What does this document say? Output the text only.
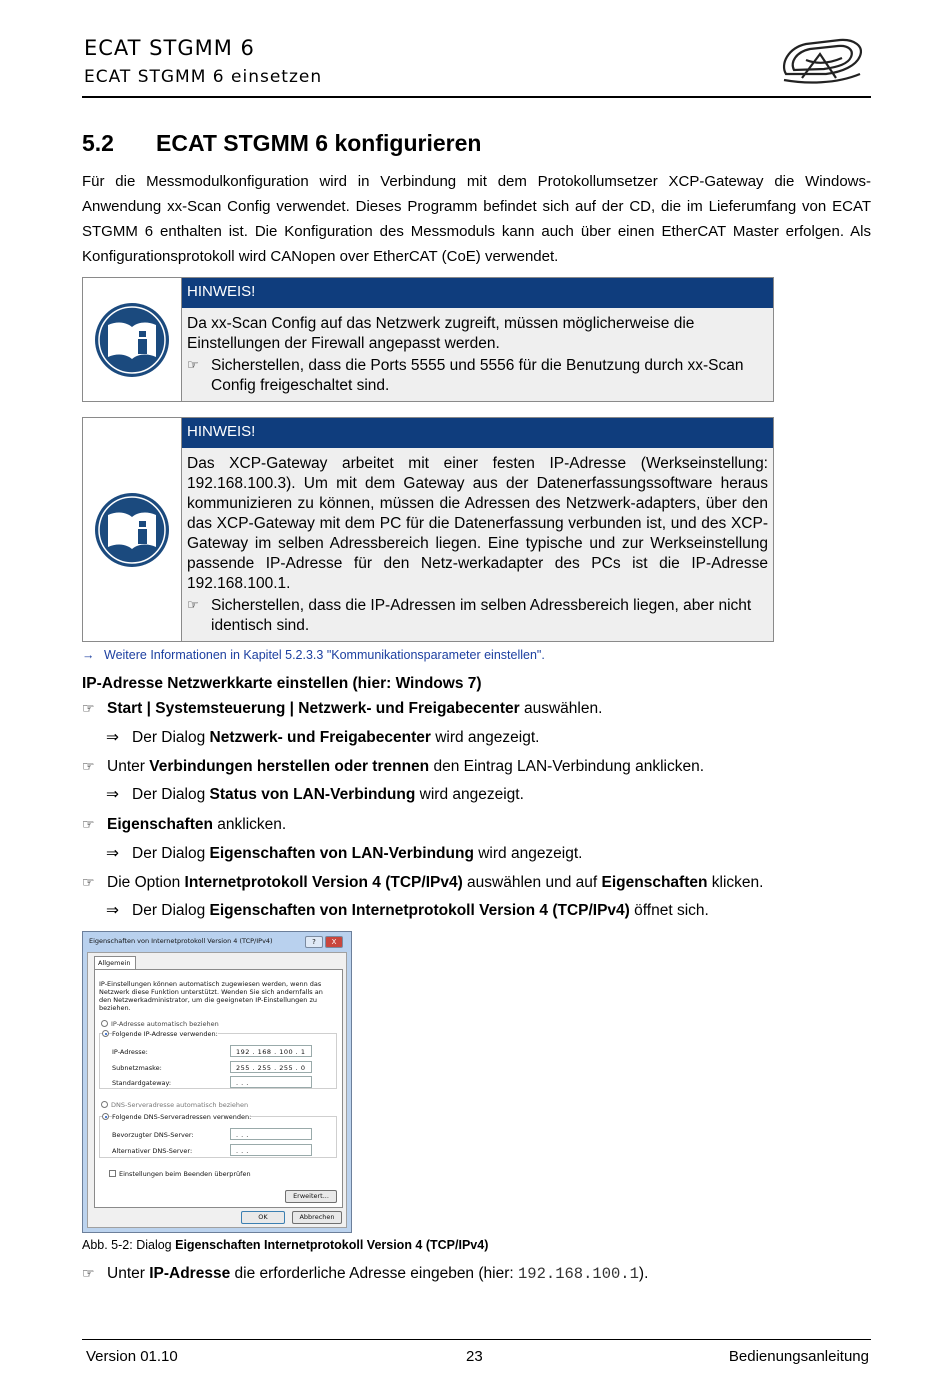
ECAT STGMM 6
ECAT STGMM 6 einsetzen
5.2 ECAT STGMM 6 konfigurieren

Für die Messmodulkonfiguration wird in Verbindung mit dem Protokollumsetzer XCP-Gateway die Windows-Anwendung xx-Scan Config verwendet. Dieses Programm befindet sich auf der CD, die im Lieferumfang von ECAT STGMM 6 enthalten ist. Die Konfiguration des Messmoduls kann auch über einen EtherCAT Master erfolgen. Als Konfigurationsprotokoll wird CANopen over EtherCAT (CoE) verwendet.

HINWEIS!
Da xx-Scan Config auf das Netzwerk zugreift, müssen möglicherweise die Einstellungen der Firewall angepasst werden.
☞ Sicherstellen, dass die Ports 5555 und 5556 für die Benutzung durch xx-Scan Config freigeschaltet sind.
HINWEIS!
Das XCP-Gateway arbeitet mit einer festen IP-Adresse (Werkseinstellung: 192.168.100.3). Um mit dem Gateway aus der Datenerfassungssoftware heraus kommunizieren zu können, müssen die Adressen des Netzwerk-adapters, über den das XCP-Gateway mit dem PC für die Datenerfassung verbunden ist, und des XCP-Gateway im selben Adressbereich liegen. Eine typische und zur Werkseinstellung passende IP-Adresse für den Netz-werkadapter des PCs ist die IP-Adresse 192.168.100.1.
☞ Sicherstellen, dass die IP-Adressen im selben Adressbereich liegen, aber nicht identisch sind.
→ Weitere Informationen in Kapitel 5.2.3.3 "Kommunikationsparameter einstellen".
IP-Adresse Netzwerkkarte einstellen (hier: Windows 7)
☞ Start | Systemsteuerung | Netzwerk- und Freigabecenter auswählen.
⇒ Der Dialog Netzwerk- und Freigabecenter wird angezeigt.
☞ Unter Verbindungen herstellen oder trennen den Eintrag LAN-Verbindung anklicken.
⇒ Der Dialog Status von LAN-Verbindung wird angezeigt.
☞ Eigenschaften anklicken.
⇒ Der Dialog Eigenschaften von LAN-Verbindung wird angezeigt.
☞ Die Option Internetprotokoll Version 4 (TCP/IPv4) auswählen und auf Eigenschaften klicken.
⇒ Der Dialog Eigenschaften von Internetprotokoll Version 4 (TCP/IPv4) öffnet sich.
Eigenschaften von Internetprotokoll Version 4 (TCP/IPv4)	?	X
Allgemein
IP-Einstellungen können automatisch zugewiesen werden, wenn das
Netzwerk diese Funktion unterstützt. Wenden Sie sich andernfalls an
den Netzwerkadministrator, um die geeigneten IP-Einstellungen zu
beziehen.
IP-Adresse automatisch beziehen
Folgende IP-Adresse verwenden:
IP-Adresse:	192 . 168 . 100 . 1
Subnetzmaske:	255 . 255 . 255 . 0
Standardgateway:	. . .
DNS-Serveradresse automatisch beziehen
Folgende DNS-Serveradressen verwenden:
Bevorzugter DNS-Server:	. . .
Alternativer DNS-Server:	. . .
Einstellungen beim Beenden überprüfen
Erweitert...
OK	Abbrechen
Abb. 5-2: Dialog Eigenschaften Internetprotokoll Version 4 (TCP/IPv4)
☞ Unter IP-Adresse die erforderliche Adresse eingeben (hier: 192.168.100.1).
Version 01.10	23	Bedienungsanleitung
